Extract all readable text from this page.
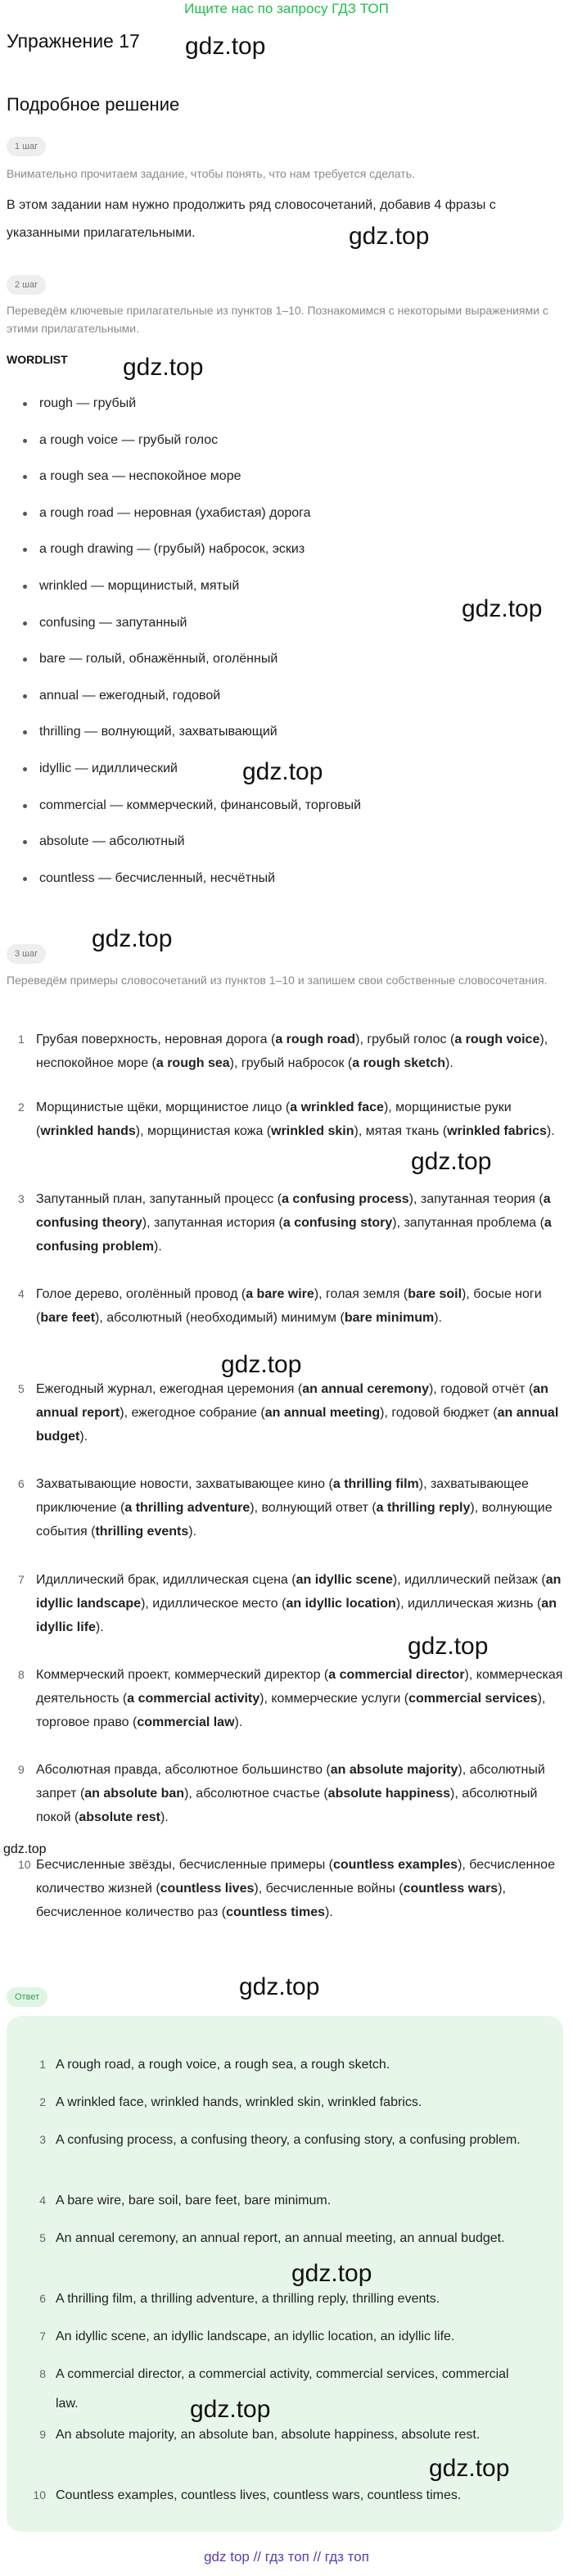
Ищите нас по запросу ГДЗ ТОП
Упражнение 17 gdz.top
Подробное решение
1 шаг
Внимательно прочитаем задание, чтобы понять, что нам требуется сделать.
В этом задании нам нужно продолжить ряд словосочетаний, добавив 4 фразы с указанными прилагательными.	gdz.top
2 шаг
Переведём ключевые прилагательные из пунктов 1–10. Познакомимся с некоторыми выражениями с этими прилагательными.
WORDLIST gdz.top
rough — грубый
a rough voice — грубый голос
a rough sea — неспокойное море
a rough road — неровная (ухабистая) дорога
a rough drawing — (грубый) набросок, эскиз
wrinkled — морщинистый, мятый
confusing — запутанный
bare — голый, обнажённый, оголённый
annual — ежегодный, годовой
thrilling — волнующий, захватывающий
idyllic — идиллический
commercial — коммерческий, финансовый, торговый
absolute — абсолютный
countless — бесчисленный, несчётный
gdz.top
gdz.top
gdz.top
3 шаг
Переведём примеры словосочетаний из пунктов 1–10 и запишем свои собственные словосочетания.
1 Грубая поверхность, неровная дорога (a rough road), грубый голос (a rough voice), неспокойное море (a rough sea), грубый набросок (a rough sketch).
2 Морщинистые щёки, морщинистое лицо (a wrinkled face), морщинистые руки (wrinkled hands), морщинистая кожа (wrinkled skin), мятая ткань (wrinkled fabrics).
3 Запутанный план, запутанный процесс (a confusing process), запутанная теория (a confusing theory), запутанная история (a confusing story), запутанная проблема (a confusing problem).
4 Голое дерево, оголённый провод (a bare wire), голая земля (bare soil), босые ноги (bare feet), абсолютный (необходимый) минимум (bare minimum).
5 Ежегодный журнал, ежегодная церемония (an annual ceremony), годовой отчёт (an annual report), ежегодное собрание (an annual meeting), годовой бюджет (an annual budget).
6 Захватывающие новости, захватывающее кино (a thrilling film), захватывающее приключение (a thrilling adventure), волнующий ответ (a thrilling reply), волнующие события (thrilling events).
7 Идиллический брак, идиллическая сцена (an idyllic scene), идиллический пейзаж (an idyllic landscape), идиллическое место (an idyllic location), идиллическая жизнь (an idyllic life).
8 Коммерческий проект, коммерческий директор (a commercial director), коммерческая деятельность (a commercial activity), коммерческие услуги (commercial services), торговое право (commercial law).
9 Абсолютная правда, абсолютное большинство (an absolute majority), абсолютный запрет (an absolute ban), абсолютное счастье (absolute happiness), абсолютный покой (absolute rest).
10 Бесчисленные звёзды, бесчисленные примеры (countless examples), бесчисленное количество жизней (countless lives), бесчисленные войны (countless wars), бесчисленное количество раз (countless times).
gdz.top
gdz.top
gdz.top
gdz.top
gdz.top
Ответ
1 A rough road, a rough voice, a rough sea, a rough sketch.
2 A wrinkled face, wrinkled hands, wrinkled skin, wrinkled fabrics.
3 A confusing process, a confusing theory, a confusing story, a confusing problem.
4 A bare wire, bare soil, bare feet, bare minimum.
5 An annual ceremony, an annual report, an annual meeting, an annual budget.
6 A thrilling film, a thrilling adventure, a thrilling reply, thrilling events.
7 An idyllic scene, an idyllic landscape, an idyllic location, an idyllic life.
8 A commercial director, a commercial activity, commercial services, commercial law.
9 An absolute majority, an absolute ban, absolute happiness, absolute rest.
10 Countless examples, countless lives, countless wars, countless times.
gdz.top
gdz.top
gdz.top
gdz top // гдз топ // гдз топ
